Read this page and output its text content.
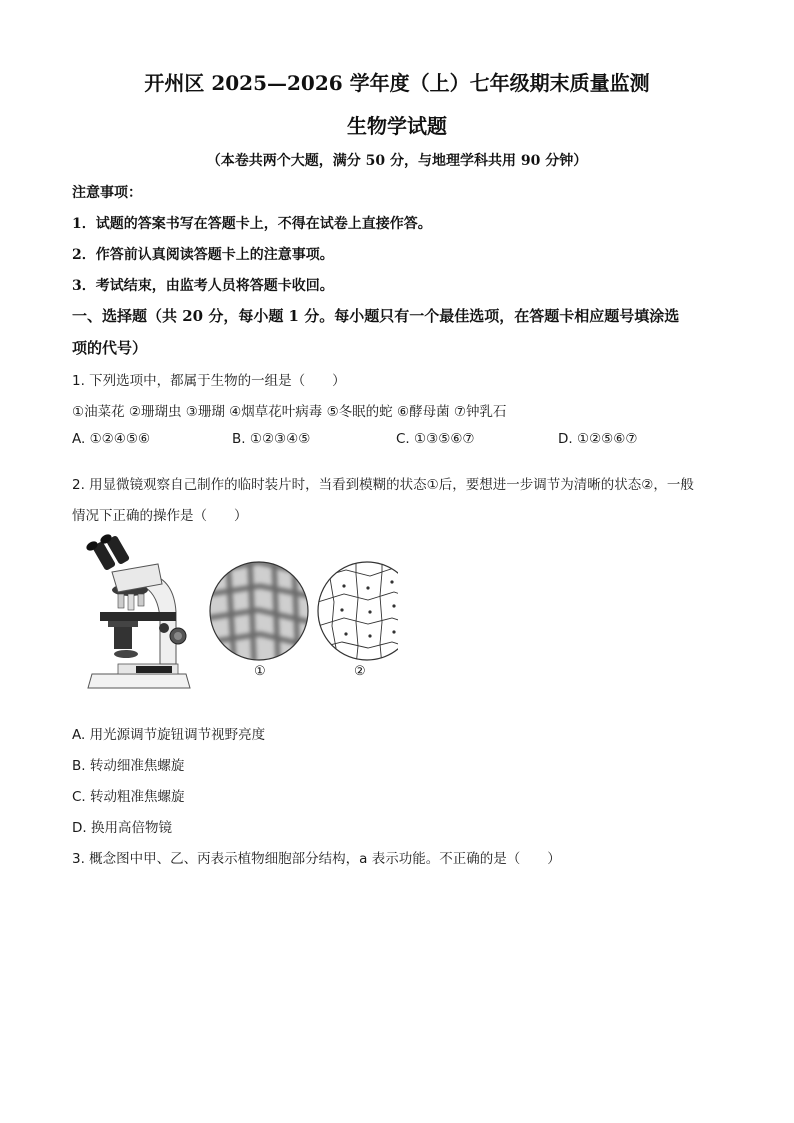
开州区 2025—2026 学年度（上）七年级期末质量监测
生物学试题
（本卷共两个大题，满分 50 分，与地理学科共用 90 分钟）
注意事项：
1．试题的答案书写在答题卡上，不得在试卷上直接作答。
2．作答前认真阅读答题卡上的注意事项。
3．考试结束，由监考人员将答题卡收回。
一、选择题（共 20 分，每小题 1 分。每小题只有一个最佳选项，在答题卡相应题号填涂选
项的代号）
1. 下列选项中，都属于生物的一组是（　　）
①油菜花 ②珊瑚虫 ③珊瑚 ④烟草花叶病毒 ⑤冬眠的蛇 ⑥酵母菌 ⑦钟乳石
A. ①②④⑤⑥	B. ①②③④⑤	C. ①③⑤⑥⑦	D. ①②⑤⑥⑦
2. 用显微镜观察自己制作的临时装片时，当看到模糊的状态①后，要想进一步调节为清晰的状态②，一般
情况下正确的操作是（　　）
①	②
A. 用光源调节旋钮调节视野亮度
B. 转动细准焦螺旋
C. 转动粗准焦螺旋
D. 换用高倍物镜
3. 概念图中甲、乙、丙表示植物细胞部分结构，a 表示功能。不正确的是（　　）
